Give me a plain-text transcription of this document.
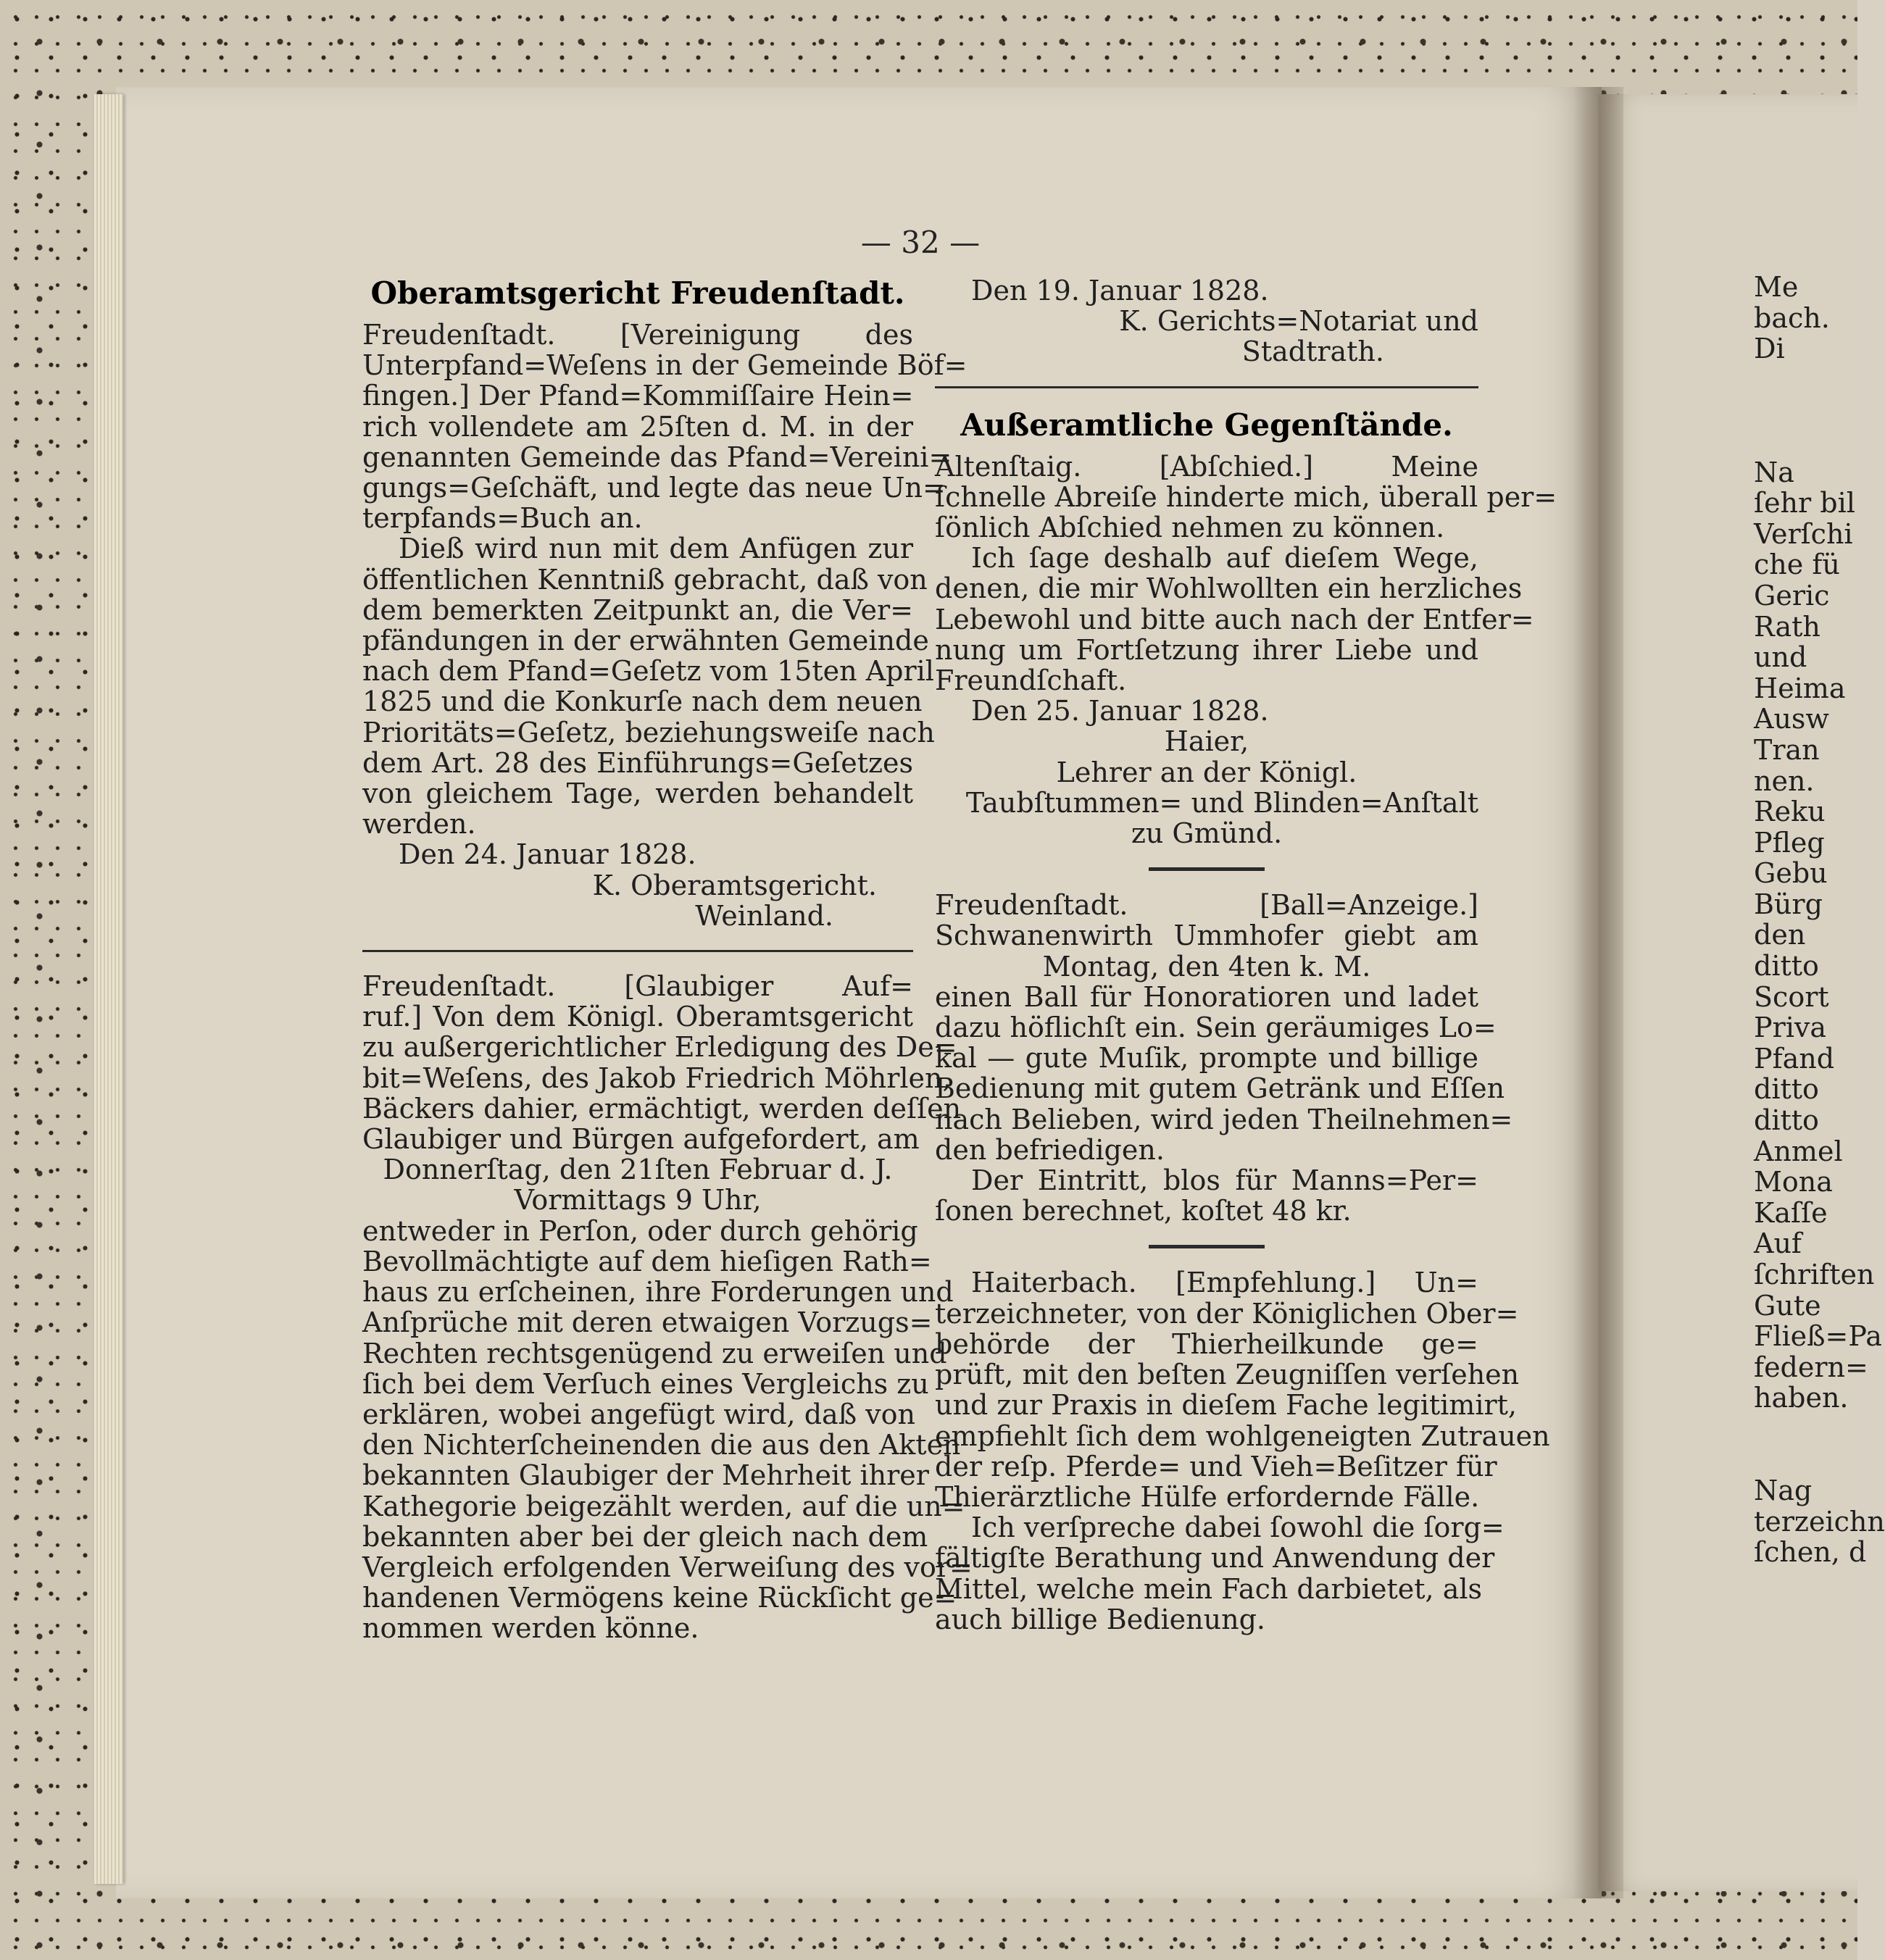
— 32 —
Oberamtsgericht Freudenſtadt.
Freudenſtadt. [Vereinigung des
Unterpfand=Weſens in der Gemeinde Böf=
fingen.] Der Pfand=Kommiſſaire Hein=
rich vollendete am 25ſten d. M. in der
genannten Gemeinde das Pfand=Vereini=
gungs=Geſchäft, und legte das neue Un=
terpfands=Buch an.
Dieß wird nun mit dem Anfügen zur
öffentlichen Kenntniß gebracht, daß von
dem bemerkten Zeitpunkt an, die Ver=
pfändungen in der erwähnten Gemeinde
nach dem Pfand=Geſetz vom 15ten April
1825 und die Konkurſe nach dem neuen
Prioritäts=Geſetz, beziehungsweiſe nach
dem Art. 28 des Einführungs=Geſetzes
von gleichem Tage, werden behandelt
werden.
Den 24. Januar 1828.
K. Oberamtsgericht.
Weinland.
Freudenſtadt. [Glaubiger Auf=
ruf.] Von dem Königl. Oberamtsgericht
zu außergerichtlicher Erledigung des De=
bit=Weſens, des Jakob Friedrich Möhrlen,
Bäckers dahier, ermächtigt, werden deſſen
Glaubiger und Bürgen aufgefordert, am
Donnerſtag, den 21ſten Februar d. J.
Vormittags 9 Uhr,
entweder in Perſon, oder durch gehörig
Bevollmächtigte auf dem hieſigen Rath=
haus zu erſcheinen, ihre Forderungen und
Anſprüche mit deren etwaigen Vorzugs=
Rechten rechtsgenügend zu erweiſen und
ſich bei dem Verſuch eines Vergleichs zu
erklären, wobei angefügt wird, daß von
den Nichterſcheinenden die aus den Akten
bekannten Glaubiger der Mehrheit ihrer
Kathegorie beigezählt werden, auf die un=
bekannten aber bei der gleich nach dem
Vergleich erfolgenden Verweiſung des vor=
handenen Vermögens keine Rückſicht ge=
nommen werden könne.
Den 19. Januar 1828.
K. Gerichts=Notariat und
Stadtrath.
Außeramtliche Gegenſtände.
Altenſtaig. [Abſchied.] Meine
ſchnelle Abreiſe hinderte mich, überall per=
ſönlich Abſchied nehmen zu können.
Ich ſage deshalb auf dieſem Wege,
denen, die mir Wohlwollten ein herzliches
Lebewohl und bitte auch nach der Entfer=
nung um Fortſetzung ihrer Liebe und
Freundſchaft.
Den 25. Januar 1828.
Haier,
Lehrer an der Königl.
Taubſtummen= und Blinden=Anſtalt
zu Gmünd.
Freudenſtadt. [Ball=Anzeige.]
Schwanenwirth Ummhofer giebt am
Montag, den 4ten k. M.
einen Ball für Honoratioren und ladet
dazu höflichſt ein. Sein geräumiges Lo=
kal — gute Muſik, prompte und billige
Bedienung mit gutem Getränk und Eſſen
nach Belieben, wird jeden Theilnehmen=
den befriedigen.
Der Eintritt, blos für Manns=Per=
ſonen berechnet, koſtet 48 kr.
Haiterbach. [Empfehlung.] Un=
terzeichneter, von der Königlichen Ober=
behörde der Thierheilkunde ge=
prüft, mit den beſten Zeugniſſen verſehen
und zur Praxis in dieſem Fache legitimirt,
empfiehlt ſich dem wohlgeneigten Zutrauen
der reſp. Pferde= und Vieh=Beſitzer für
Thierärztliche Hülfe erfordernde Fälle.
Ich verſpreche dabei ſowohl die ſorg=
fältigſte Berathung und Anwendung der
Mittel, welche mein Fach darbietet, als
auch billige Bedienung.
Me
bach.
Di

Na
ſehr bil
Verſchi
che fü
Geric
Rath
und
Heima
Ausw
Tran
nen.
Reku
Pfleg
Gebu
Bürg
den
ditto
Scort
Priva
Pfand
ditto
ditto
Anmel
Mona
Kaſſe
Auf
ſchriften
Gute
Fließ=Pa
federn=
haben.

Nag
terzeichn
ſchen, d
